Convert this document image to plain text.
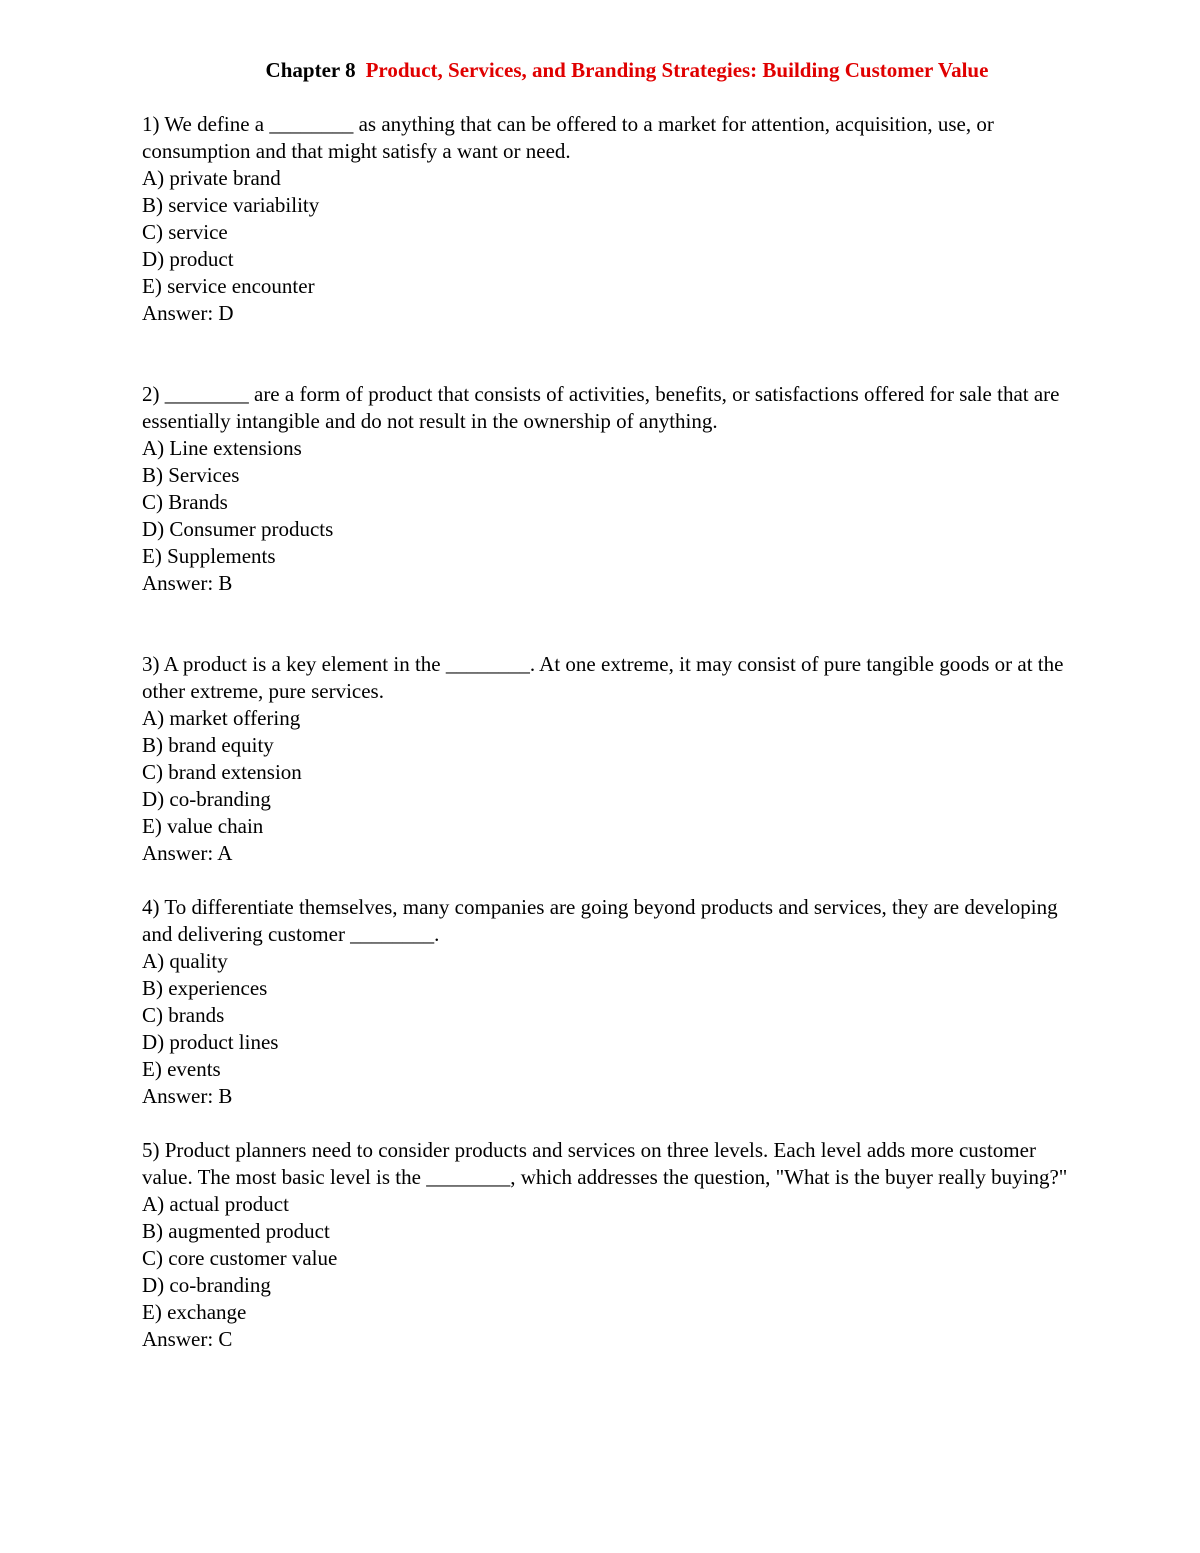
Chapter 8 Product, Services, and Branding Strategies: Building Customer Value

1) We define a ________ as anything that can be offered to a market for attention, acquisition, use, or consumption and that might satisfy a want or need.

A) private brand

B) service variability

C) service

D) product

E) service encounter

Answer: D

2) ________ are a form of product that consists of activities, benefits, or satisfactions offered for sale that are essentially intangible and do not result in the ownership of anything.

A) Line extensions

B) Services

C) Brands

D) Consumer products

E) Supplements

Answer: B

3) A product is a key element in the ________. At one extreme, it may consist of pure tangible goods or at the other extreme, pure services.

A) market offering

B) brand equity

C) brand extension

D) co-branding

E) value chain

Answer: A

4) To differentiate themselves, many companies are going beyond products and services, they are developing and delivering customer ________.

A) quality

B) experiences

C) brands

D) product lines

E) events

Answer: B

5) Product planners need to consider products and services on three levels. Each level adds more customer value. The most basic level is the ________, which addresses the question, "What is the buyer really buying?"

A) actual product

B) augmented product

C) core customer value

D) co-branding

E) exchange

Answer: C
